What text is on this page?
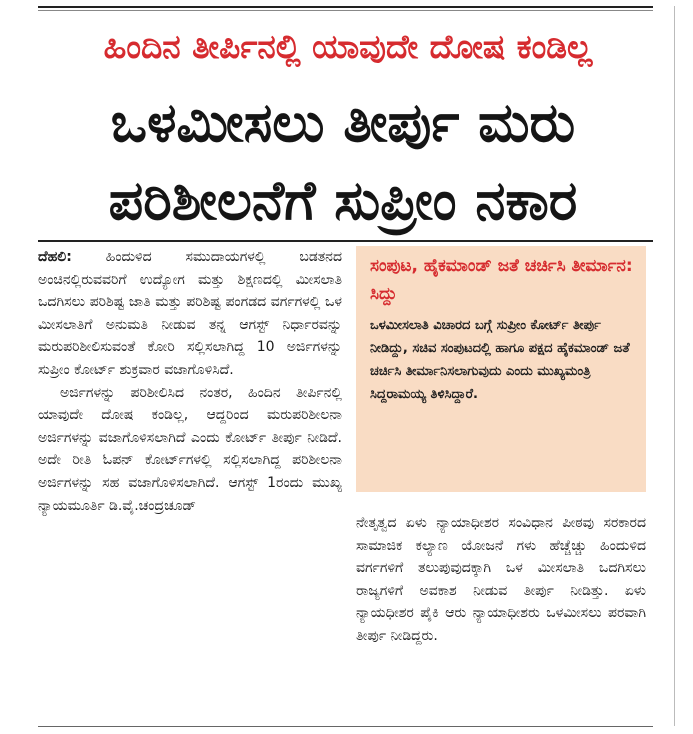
ಹಿಂದಿನ ತೀರ್ಪಿನಲ್ಲಿ ಯಾವುದೇ ದೋಷ ಕಂಡಿಲ್ಲ
ಒಳಮೀಸಲು ತೀರ್ಪು ಮರು
ಪರಿಶೀಲನೆಗೆ ಸುಪ್ರೀಂ ನಕಾರ

ದೆಹಲಿ: ಹಿಂದುಳಿದ ಸಮುದಾಯಗಳಲ್ಲಿ ಬಡತನದ ಅಂಚಿನಲ್ಲಿರುವವರಿಗೆ ಉದ್ಯೋಗ ಮತ್ತು ಶಿಕ್ಷಣದಲ್ಲಿ ಮೀಸಲಾತಿ ಒದಗಿಸಲು ಪರಿಶಿಷ್ಟ ಜಾತಿ ಮತ್ತು ಪರಿಶಿಷ್ಟ ಪಂಗಡದ ವರ್ಗಗಳಲ್ಲಿ ಒಳ ಮೀಸಲಾತಿಗೆ ಅನುಮತಿ ನೀಡುವ ತನ್ನ ಆಗಸ್ಟ್ ನಿರ್ಧಾರವನ್ನು ಮರುಪರಿಶೀಲಿಸುವಂತೆ ಕೋರಿ ಸಲ್ಲಿಸಲಾಗಿದ್ದ 10 ಅರ್ಜಿಗಳನ್ನು ಸುಪ್ರೀಂ ಕೋರ್ಟ್ ಶುಕ್ರವಾರ ವಜಾಗೊಳಿಸಿದೆ.

ಅರ್ಜಿಗಳನ್ನು ಪರಿಶೀಲಿಸಿದ ನಂತರ, ಹಿಂದಿನ ತೀರ್ಪಿನಲ್ಲಿ ಯಾವುದೇ ದೋಷ ಕಂಡಿಲ್ಲ, ಆದ್ದರಿಂದ ಮರುಪರಿಶೀಲನಾ ಅರ್ಜಿಗಳನ್ನು ವಜಾಗೊಳಿಸಲಾಗಿದೆ ಎಂದು ಕೋರ್ಟ್ ತೀರ್ಪು ನೀಡಿದೆ. ಅದೇ ರೀತಿ ಓಪನ್ ಕೋರ್ಟ್‌ಗಳಲ್ಲಿ ಸಲ್ಲಿಸಲಾಗಿದ್ದ ಪರಿಶೀಲನಾ ಅರ್ಜಿಗಳನ್ನು ಸಹ ವಜಾಗೊಳಿಸಲಾಗಿದೆ. ಆಗಸ್ಟ್ 1ರಂದು ಮುಖ್ಯ ನ್ಯಾಯಮೂರ್ತಿ ಡಿ.ವೈ.ಚಂದ್ರಚೂಡ್

ಸಂಪುಟ, ಹೈಕಮಾಂಡ್ ಜತೆ ಚರ್ಚಿಸಿ ತೀರ್ಮಾನ: ಸಿದ್ದು
ಒಳಮೀಸಲಾತಿ ವಿಚಾರದ ಬಗ್ಗೆ ಸುಪ್ರೀಂ ಕೋರ್ಟ್ ತೀರ್ಪು ನೀಡಿದ್ದು, ಸಚಿವ ಸಂಪುಟದಲ್ಲಿ ಹಾಗೂ ಪಕ್ಷದ ಹೈಕಮಾಂಡ್ ಜತೆ ಚರ್ಚಿಸಿ ತೀರ್ಮಾನಿಸಲಾಗುವುದು ಎಂದು ಮುಖ್ಯಮಂತ್ರಿ ಸಿದ್ದರಾಮಯ್ಯ ತಿಳಿಸಿದ್ದಾರೆ.

ನೇತೃತ್ವದ ಏಳು ನ್ಯಾಯಾಧೀಶರ ಸಂವಿಧಾನ ಪೀಠವು ಸರಕಾರದ ಸಾಮಾಜಿಕ ಕಲ್ಯಾಣ ಯೋಜನೆ ಗಳು ಹೆಚ್ಚೆಚ್ಚು ಹಿಂದುಳಿದ ವರ್ಗಗಳಿಗೆ ತಲುಪುವುದಕ್ಕಾಗಿ ಒಳ ಮೀಸಲಾತಿ ಒದಗಿಸಲು ರಾಜ್ಯಗಳಿಗೆ ಅವಕಾಶ ನೀಡುವ ತೀರ್ಪು ನೀಡಿತ್ತು. ಏಳು ನ್ಯಾಯಧೀಶರ ಪೈಕಿ ಆರು ನ್ಯಾಯಾಧೀಶರು ಒಳಮೀಸಲು ಪರವಾಗಿ ತೀರ್ಪು ನೀಡಿದ್ದರು.
